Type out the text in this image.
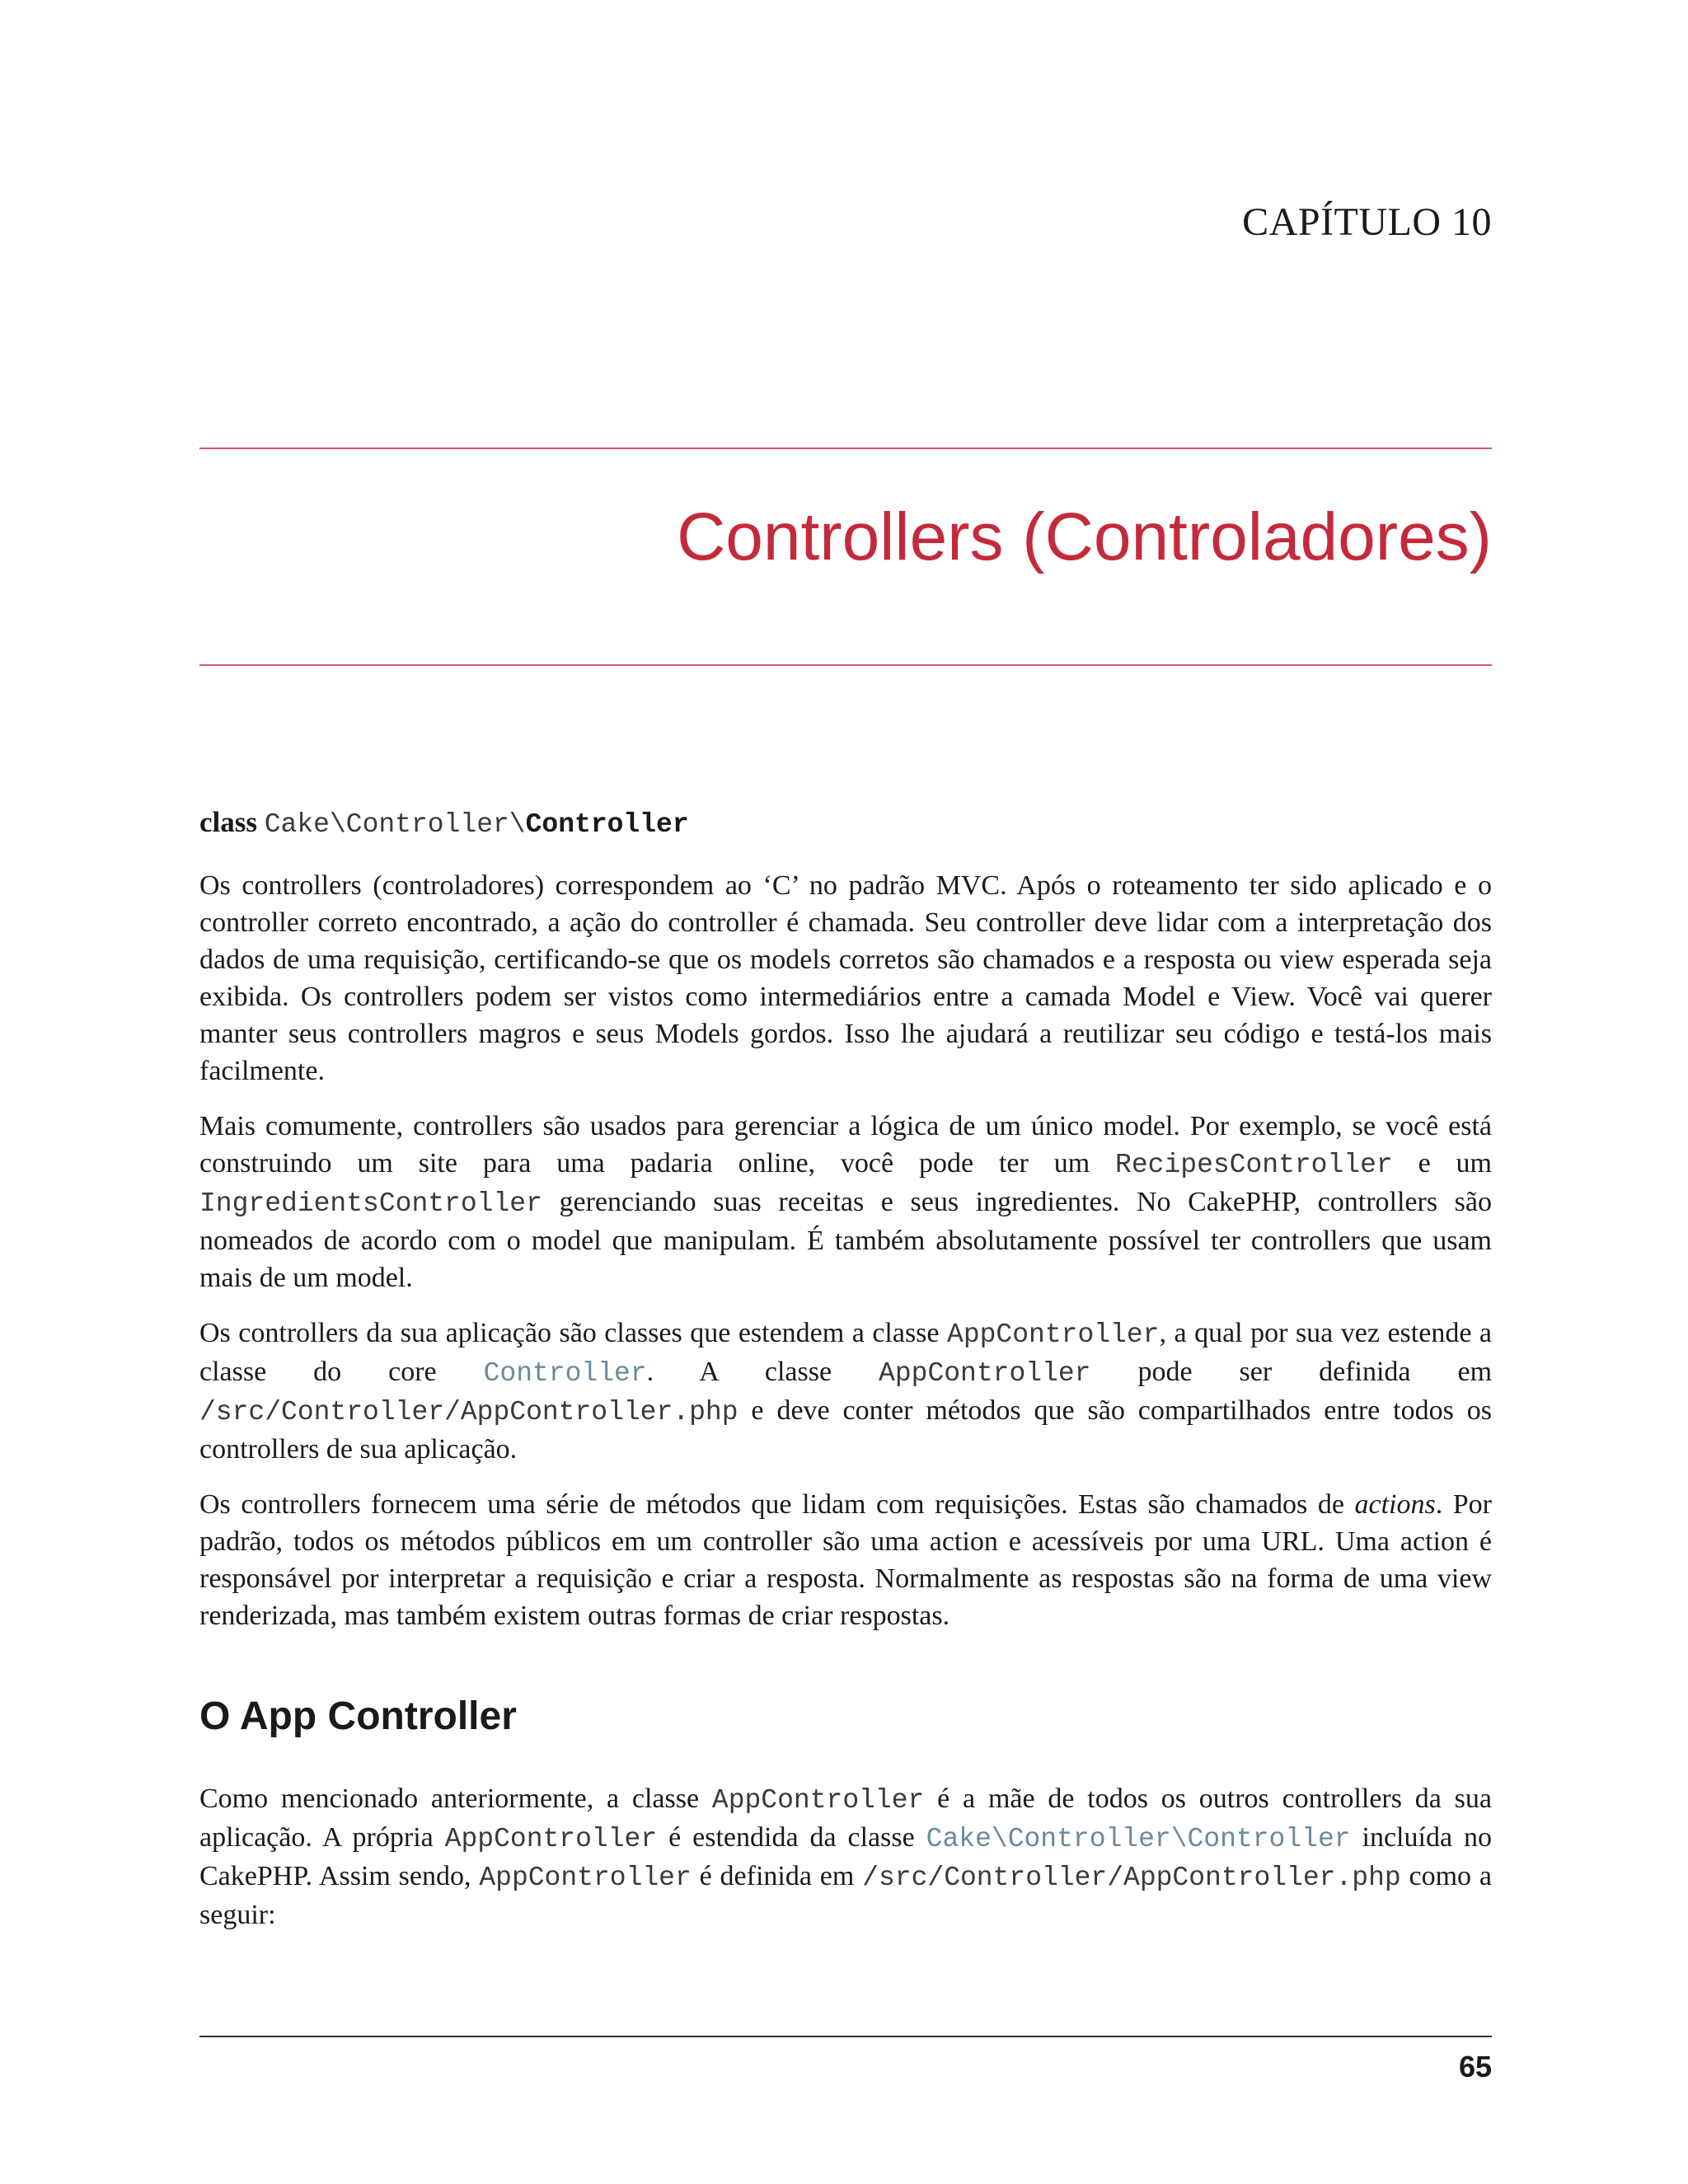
CAPÍTULO 10
Controllers (Controladores)
class Cake\Controller\Controller

Os controllers (controladores) correspondem ao ‘C’ no padrão MVC. Após o roteamento ter sido aplicado e o controller correto encontrado, a ação do controller é chamada. Seu controller deve lidar com a interpretação dos dados de uma requisição, certificando-se que os models corretos são chamados e a resposta ou view esperada seja exibida. Os controllers podem ser vistos como intermediários entre a camada Model e View. Você vai querer manter seus controllers magros e seus Models gordos. Isso lhe ajudará a reutilizar seu código e testá-los mais facilmente.

Mais comumente, controllers são usados para gerenciar a lógica de um único model. Por exemplo, se você está construindo um site para uma padaria online, você pode ter um RecipesController e um IngredientsController gerenciando suas receitas e seus ingredientes. No CakePHP, controllers são nomeados de acordo com o model que manipulam. É também absolutamente possível ter controllers que usam mais de um model.

Os controllers da sua aplicação são classes que estendem a classe AppController, a qual por sua vez estende a classe do core Controller. A classe AppController pode ser definida em /src/Controller/AppController.php e deve conter métodos que são compartilhados entre todos os controllers de sua aplicação.

Os controllers fornecem uma série de métodos que lidam com requisições. Estas são chamados de actions. Por padrão, todos os métodos públicos em um controller são uma action e acessíveis por uma URL. Uma action é responsável por interpretar a requisição e criar a resposta. Normalmente as respostas são na forma de uma view renderizada, mas também existem outras formas de criar respostas.

O App Controller

Como mencionado anteriormente, a classe AppController é a mãe de todos os outros controllers da sua aplicação. A própria AppController é estendida da classe Cake\Controller\Controller incluída no CakePHP. Assim sendo, AppController é definida em /src/Controller/AppController.php como a seguir:

65
